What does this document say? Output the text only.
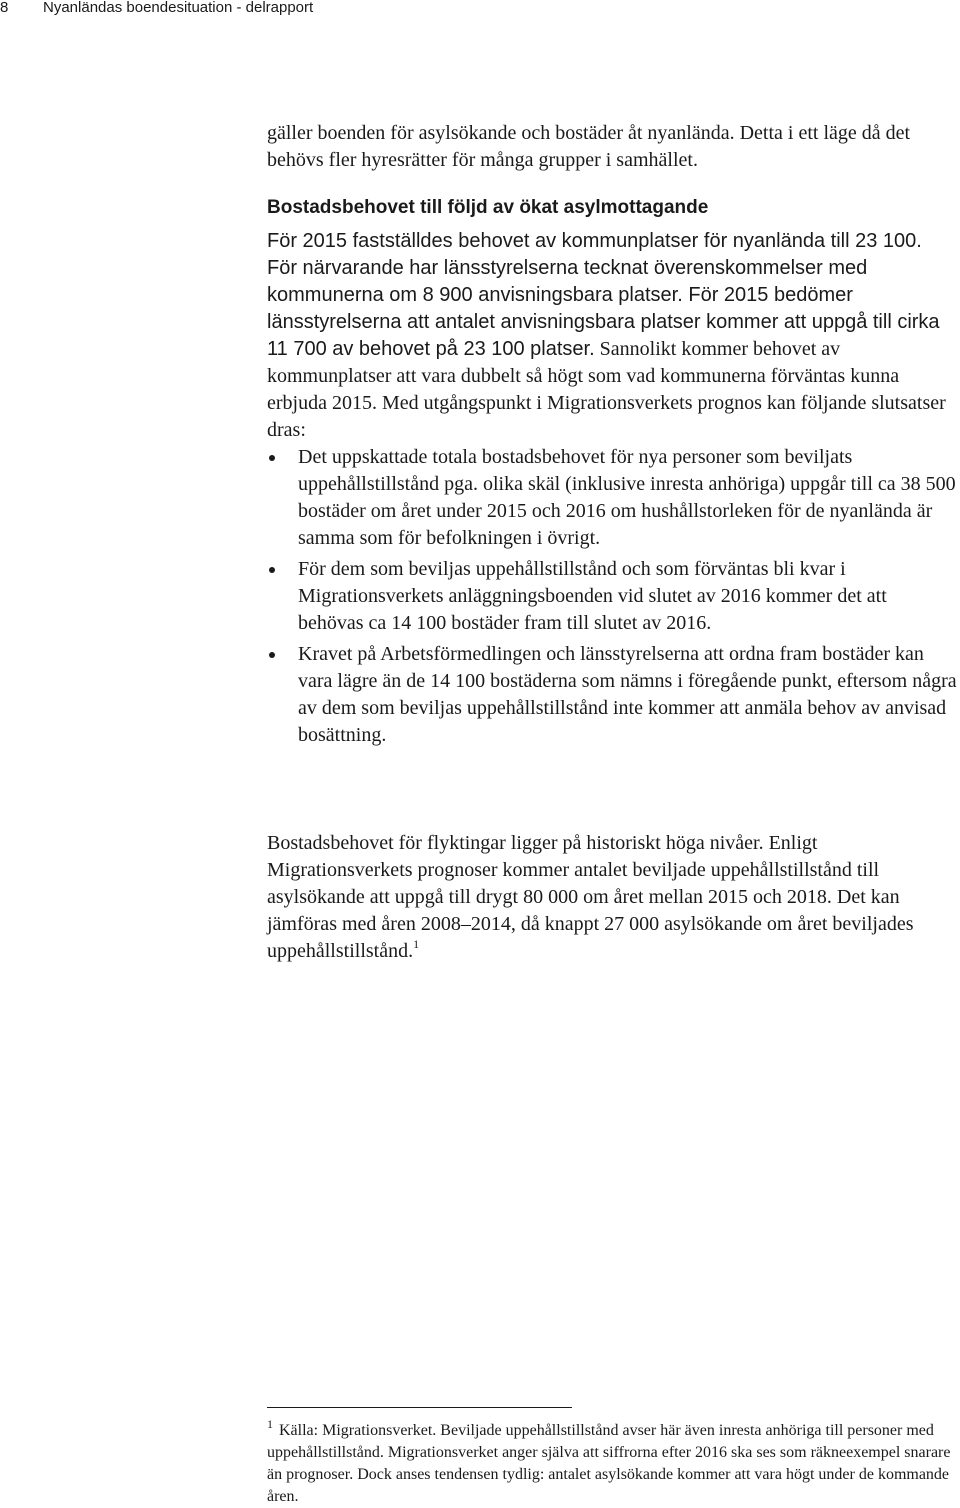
8 Nyanländas boendesituation - delrapport

gäller boenden för asylsökande och bostäder åt nyanlända. Detta i ett läge då det behövs fler hyresrätter för många grupper i samhället.

Bostadsbehovet till följd av ökat asylmottagande

För 2015 fastställdes behovet av kommunplatser för nyanlända till 23 100. För närvarande har länsstyrelserna tecknat överenskommelser med kommunerna om 8 900 anvisningsbara platser. För 2015 bedömer länsstyrelserna att antalet anvisningsbara platser kommer att uppgå till cirka 11 700 av behovet på 23 100 platser. Sannolikt kommer behovet av kommunplatser att vara dubbelt så högt som vad kommunerna förväntas kunna erbjuda 2015. Med utgångspunkt i Migrationsverkets prognos kan följande slutsatser dras:

Det uppskattade totala bostadsbehovet för nya personer som beviljats uppehållstillstånd pga. olika skäl (inklusive inresta anhöriga) uppgår till ca 38 500 bostäder om året under 2015 och 2016 om hushållstorleken för de nyanlända är samma som för befolkningen i övrigt.
För dem som beviljas uppehållstillstånd och som förväntas bli kvar i Migrationsverkets anläggningsboenden vid slutet av 2016 kommer det att behövas ca 14 100 bostäder fram till slutet av 2016.
Kravet på Arbetsförmedlingen och länsstyrelserna att ordna fram bostäder kan vara lägre än de 14 100 bostäderna som nämns i föregående punkt, eftersom några av dem som beviljas uppehållstillstånd inte kommer att anmäla behov av anvisad bosättning.

Bostadsbehovet för flyktingar ligger på historiskt höga nivåer. Enligt Migrationsverkets prognoser kommer antalet beviljade uppehållstillstånd till asylsökande att uppgå till drygt 80 000 om året mellan 2015 och 2018. Det kan jämföras med åren 2008–2014, då knappt 27 000 asylsökande om året beviljades uppehållstillstånd.$^1$

$^1$ Källa: Migrationsverket. Beviljade uppehållstillstånd avser här även inresta anhöriga till personer med uppehållstillstånd. Migrationsverket anger själva att siffrorna efter 2016 ska ses som räkneexempel snarare än prognoser. Dock anses tendensen tydlig: antalet asylsökande kommer att vara högt under de kommande åren.
